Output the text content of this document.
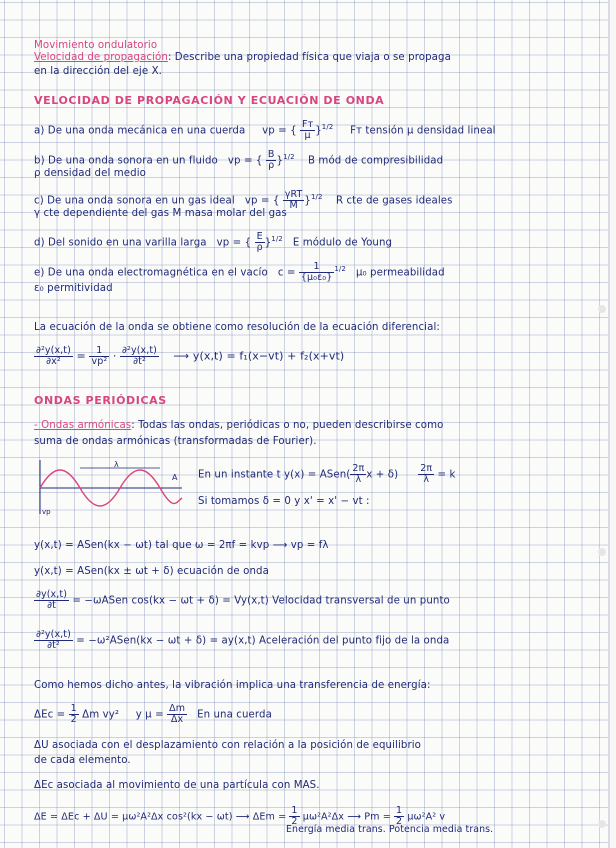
Movimiento ondulatorio
Velocidad de propagación: Describe una propiedad física que viaja o se propaga
en la dirección del eje X.
VELOCIDAD DE PROPAGACIÓN Y ECUACIÓN DE ONDA
a) De una onda mecánica en una cuerda vp = { $\frac{Fт}{\mu} \}^{1/2}$ Fт tensión μ densidad lineal
b) De una onda sonora en un fluido vp = { $\frac{B}{\rho} \}^{1/2}$ B mód de compresibilidad
ρ densidad del medio
c) De una onda sonora en un gas ideal vp = { $\frac{\text{γRT}}{M} \}^{1/2}$ R cte de gases ideales
γ cte dependiente del gas M masa molar del gas
d) Del sonido en una varilla larga vp = { $\frac{E}{\rho} \}^{1/2}$ E módulo de Young
e) De una onda electromagnética en el vacío $c = \frac{1}{\text{\{μ₀ε₀\}}} ^{1/2}$ μ₀ permeabilidad
ε₀ permitividad
La ecuación de la onda se obtiene como resolución de la ecuación diferencial:
$\frac{\text{∂²y(x,t)}}{\text{∂x²}} = \frac{1}{\text{vp²}} \cdot \frac{\text{∂²y(x,t)}}{\text{∂t²}}$ ⟶ y(x,t) = f₁(x−vt) + f₂(x+vt)
ONDAS PERIÓDICAS
- Ondas armónicas: Todas las ondas, periódicas o no, pueden describirse como
suma de ondas armónicas (transformadas de Fourier).
λ
A
vp
En un instante t y(x) = ASen( $\frac{2\pi}{\lambda}$ $x + \delta) \frac{2\pi}{\lambda} = k$
Si tomamos δ = 0 y x' = x' − vt :
y(x,t) = ASen(kx − ωt) tal que ω = 2πf = kvp ⟶ vp = fλ
y(x,t) = ASen(kx ± ωt + δ) ecuación de onda
$\frac{\partial y(x,t)}{\partial t}$ = −ωASen cos(kx − ωt + δ) = Vy(x,t) Velocidad transversal de un punto
$\frac{\text{∂²y(x,t)}}{\text{∂t²}}$ = −ω²ASen(kx − ωt + δ) = ay(x,t) Aceleración del punto fijo de la onda
Como hemos dicho antes, la vibración implica una transferencia de energía:
$\Delta Ec = \frac{1}{2}$ Δm vy² y $\mu = \frac{\Delta m}{\Delta x}$ En una cuerda
ΔU asociada con el desplazamiento con relación a la posición de equilibrio
de cada elemento.
ΔEc asociada al movimiento de una partícula con MAS.
ΔE = ΔEc + ΔU = μω²A²Δx cos²(kx − ωt) ⟶ $\Delta Em = \frac{1}{2} \mu\omega^2A^2\Delta x$ ⟶ $Pm = \frac{1}{2} \mu\omega^2A^2$ v
Energía media trans. Potencia media trans.
